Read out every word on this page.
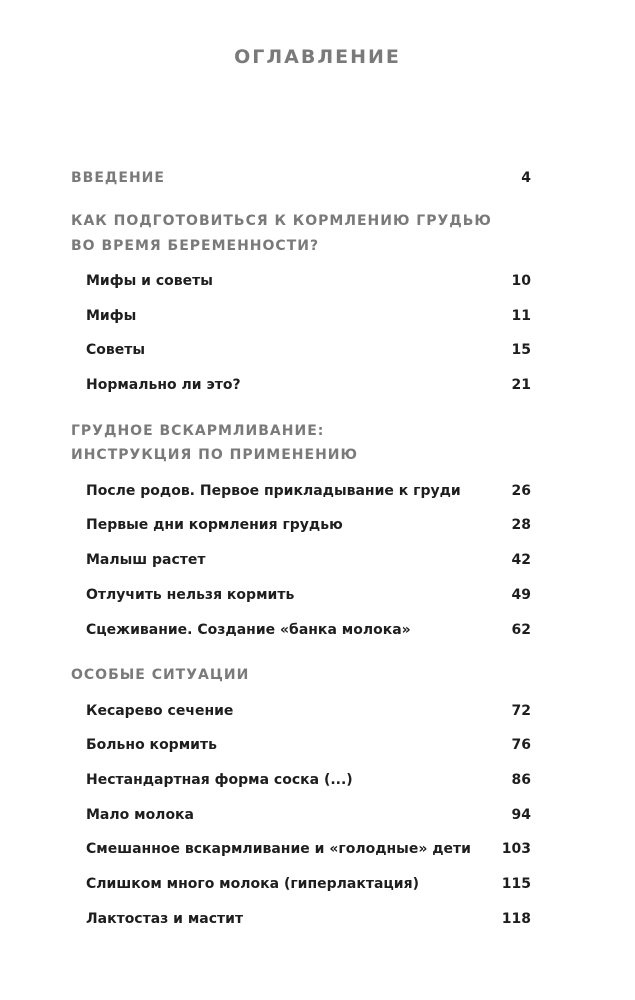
ОГЛАВЛЕНИЕ
ВВЕДЕНИЕ	4
КАК ПОДГОТОВИТЬСЯ К КОРМЛЕНИЮ ГРУДЬЮ
ВО ВРЕМЯ БЕРЕМЕННОСТИ?
Мифы и советы	10
Мифы	11
Советы	15
Нормально ли это?	21
ГРУДНОЕ ВСКАРМЛИВАНИЕ:
ИНСТРУКЦИЯ ПО ПРИМЕНЕНИЮ
После родов. Первое прикладывание к груди	26
Первые дни кормления грудью	28
Малыш растет	42
Отлучить нельзя кормить	49
Сцеживание. Создание «банка молока»	62
ОСОБЫЕ СИТУАЦИИ
Кесарево сечение	72
Больно кормить	76
Нестандартная форма соска (...)	86
Мало молока	94
Смешанное вскармливание и «голодные» дети 103
Слишком много молока (гиперлактация)	115
Лактостаз и мастит	118
